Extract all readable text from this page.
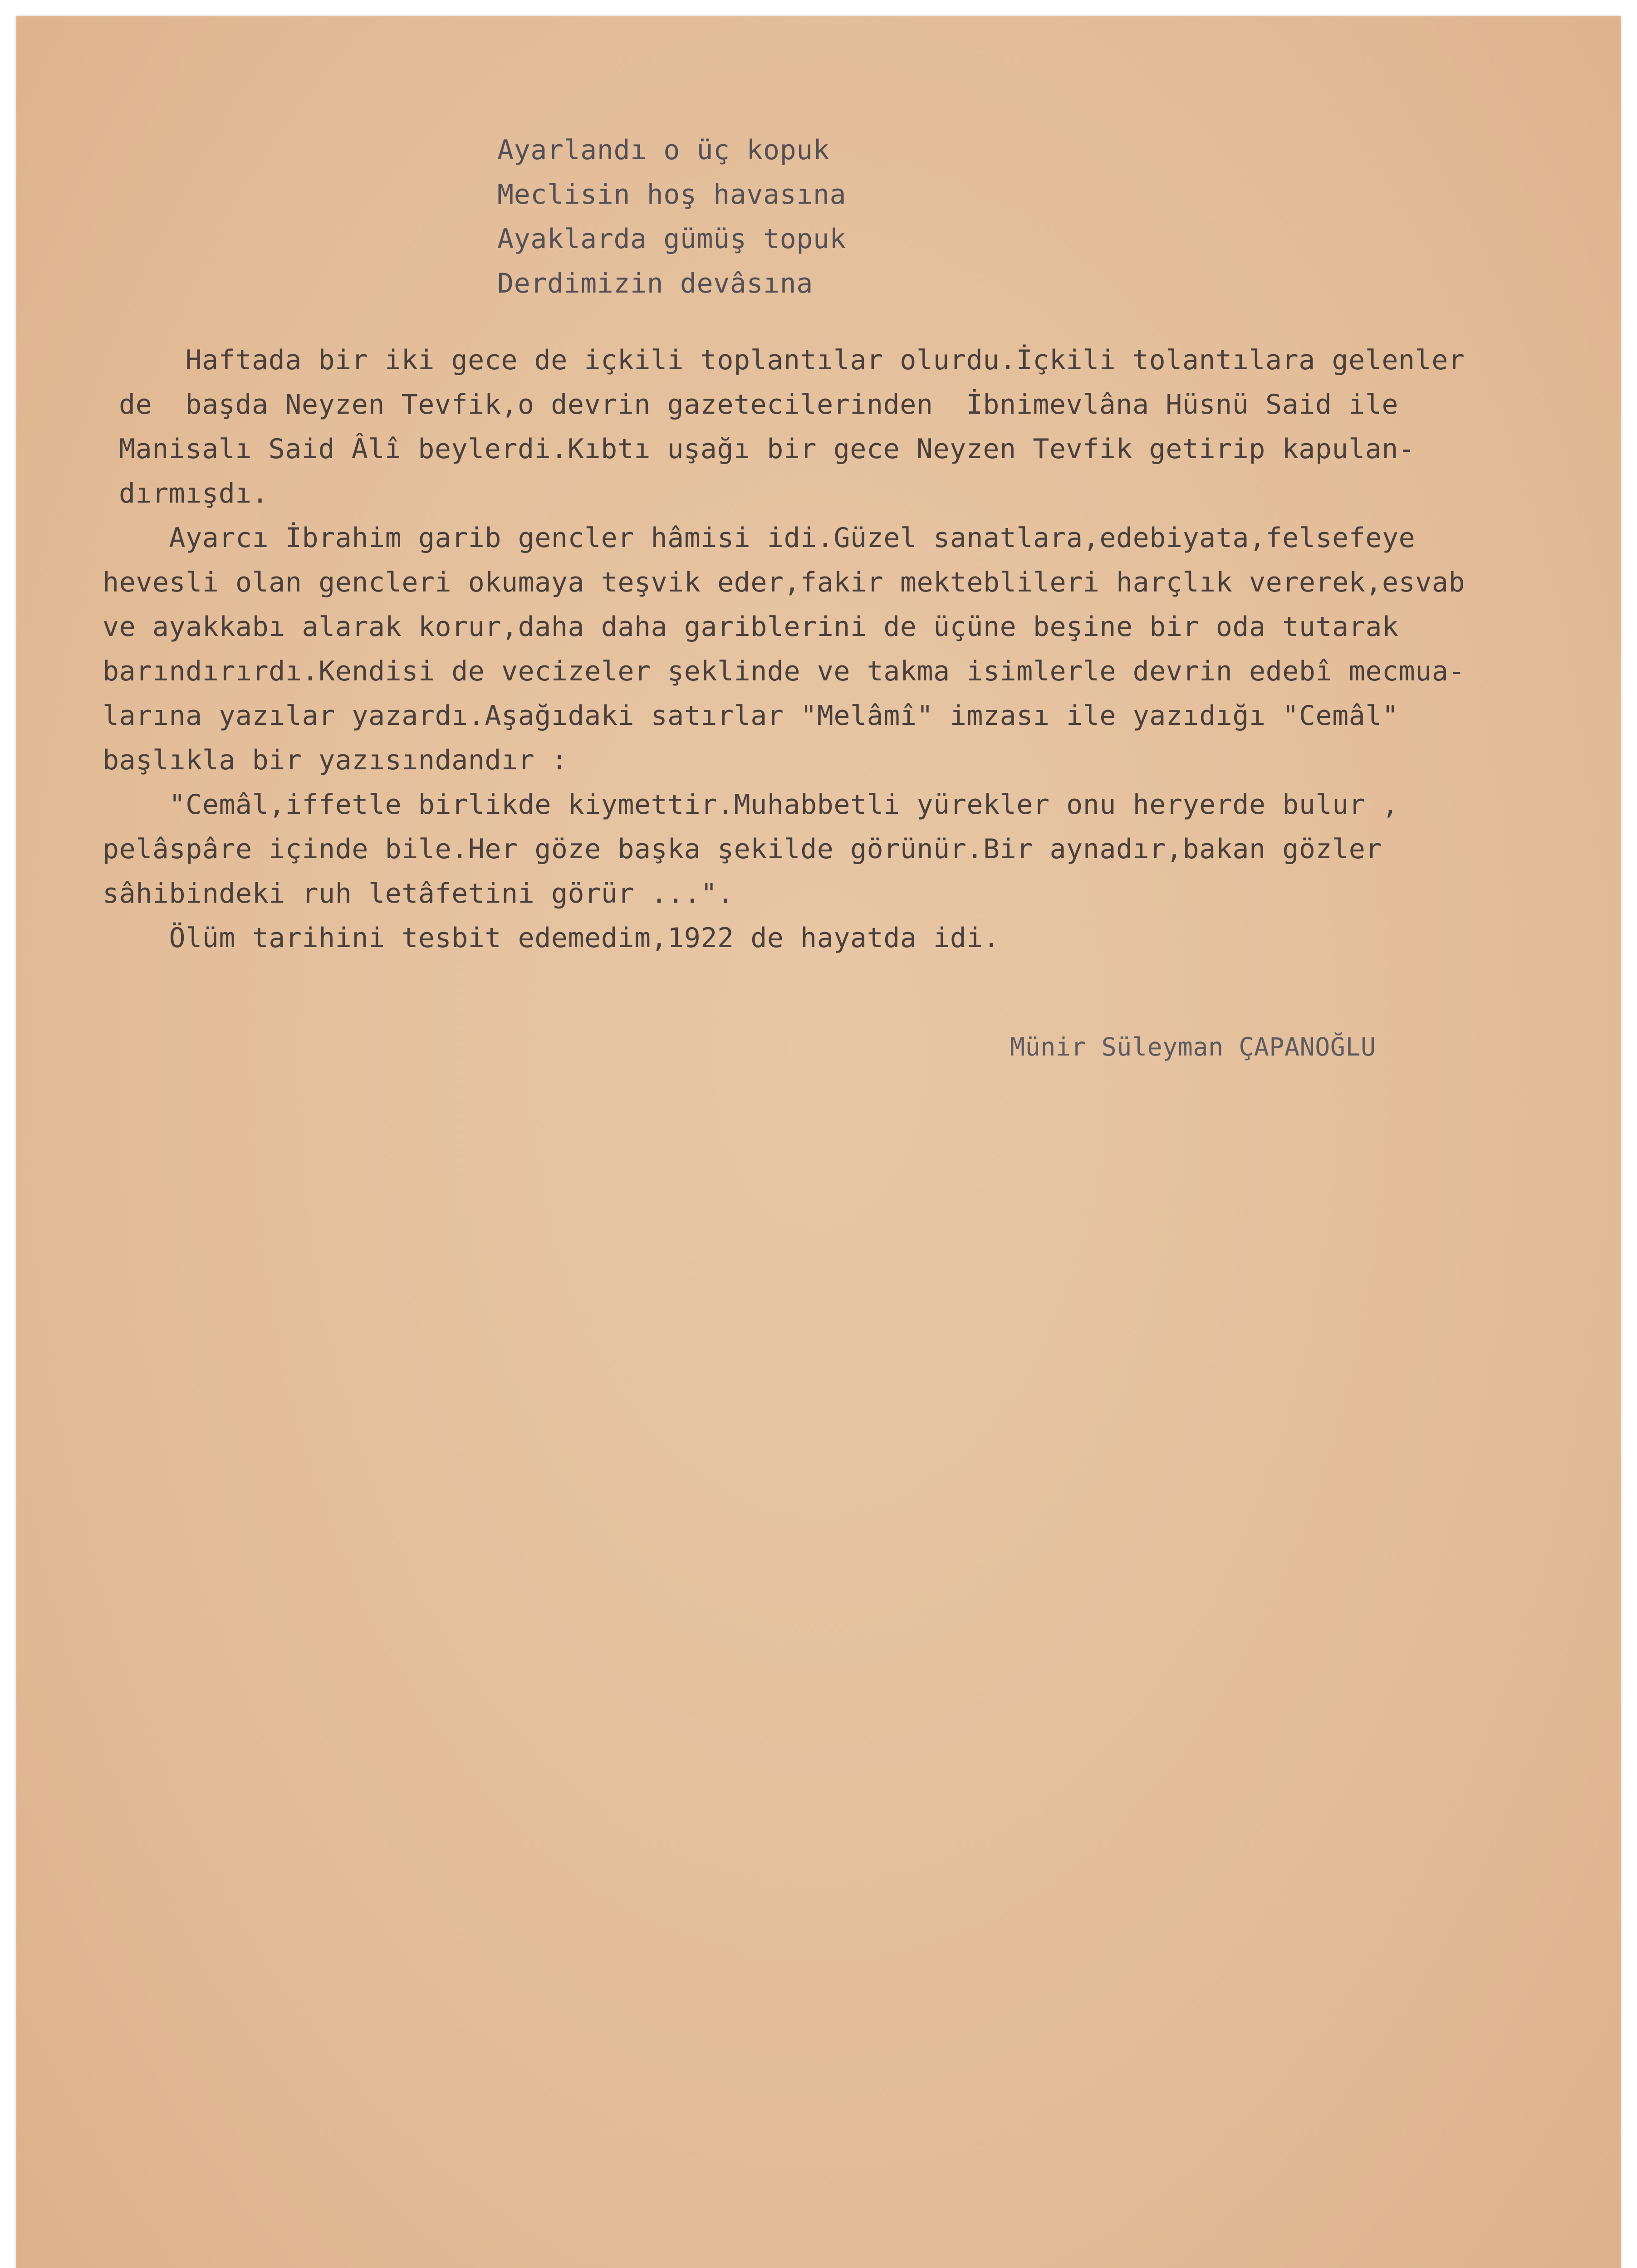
Ayarlandı o üç kopuk
Meclisin hoş havasına
Ayaklarda gümüş topuk
Derdimizin devâsına
Haftada bir iki gece de içkili toplantılar olurdu.İçkili tolantılara gelenler
de  başda Neyzen Tevfik,o devrin gazetecilerinden  İbnimevlâna Hüsnü Said ile
Manisalı Said Âlî beylerdi.Kıbtı uşağı bir gece Neyzen Tevfik getirip kapulan-
dırmışdı.
Ayarcı İbrahim garib gencler hâmisi idi.Güzel sanatlara,edebiyata,felsefeye
hevesli olan gencleri okumaya teşvik eder,fakir mekteblileri harçlık vererek,esvab
ve ayakkabı alarak korur,daha daha gariblerini de üçüne beşine bir oda tutarak
barındırırdı.Kendisi de vecizeler şeklinde ve takma isimlerle devrin edebî mecmua-
larına yazılar yazardı.Aşağıdaki satırlar "Melâmî" imzası ile yazıdığı "Cemâl"
başlıkla bir yazısındandır :
"Cemâl,iffetle birlikde kiymettir.Muhabbetli yürekler onu heryerde bulur ,
pelâspâre içinde bile.Her göze başka şekilde görünür.Bir aynadır,bakan gözler
sâhibindeki ruh letâfetini görür ...".
Ölüm tarihini tesbit edemedim,1922 de hayatda idi.
Münir Süleyman ÇAPANOĞLU
